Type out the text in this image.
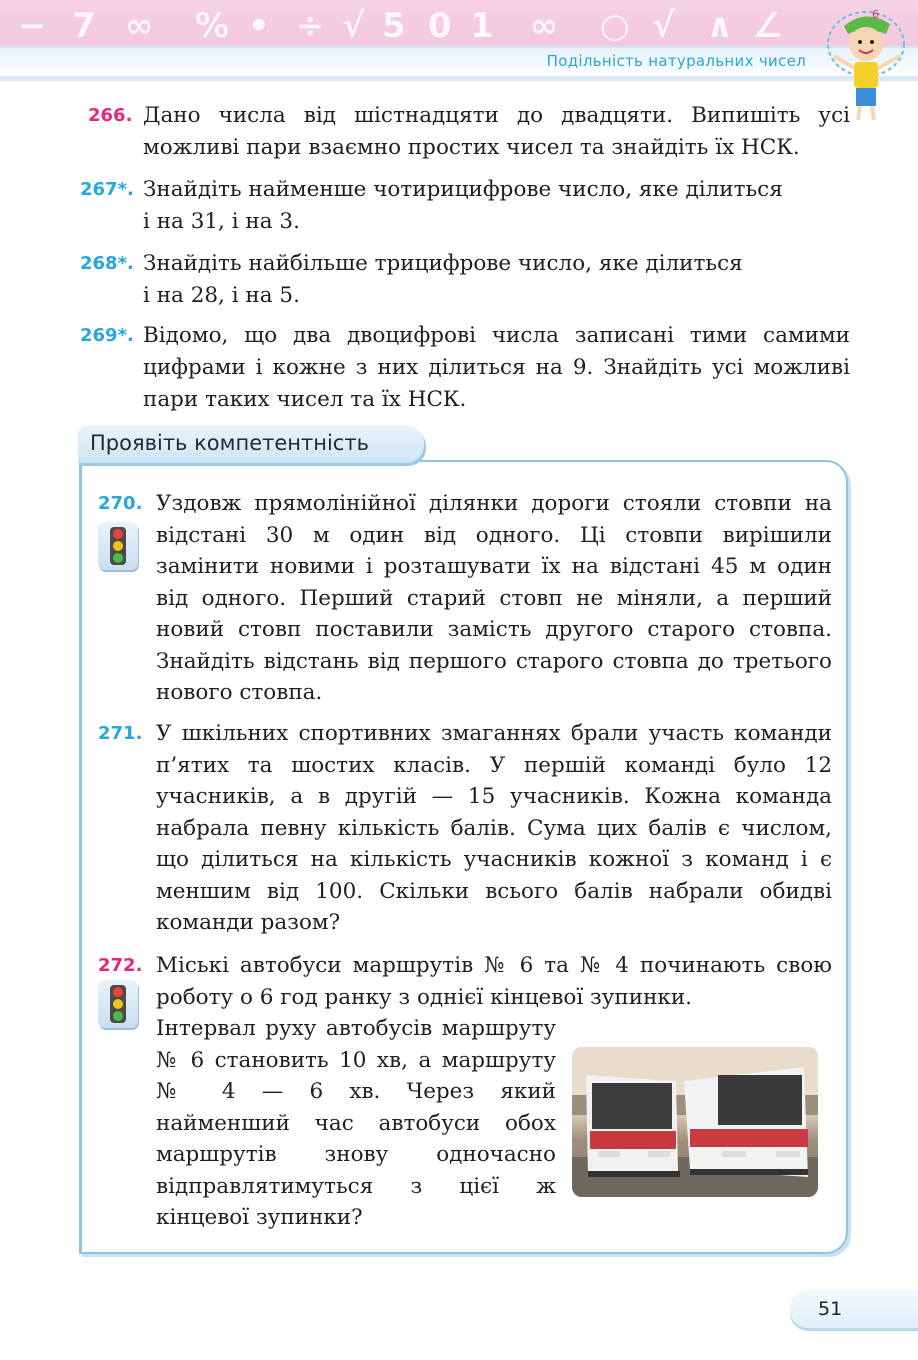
− 7 ∞ % • ÷ √ 5 0 1 ∞ ○ √ ∧ ∠
Подільність натуральних чисел
6
266. Дано числа від шістнадцяти до двадцяти. Випишіть усі можливі пари взаємно простих чисел та знайдіть їх НСК.
267*. Знайдіть найменше чотирицифрове число, яке ділиться
і на 31, і на 3.
268*. Знайдіть найбільше трицифрове число, яке ділиться
і на 28, і на 5.
269*. Відомо, що два двоцифрові числа записані тими самими цифрами і кожне з них ділиться на 9. Знайдіть усі можливі пари таких чисел та їх НСК.
Проявіть компетентність
270. Уздовж прямолінійної ділянки дороги стояли стовпи на відстані 30 м один від одного. Ці стовпи вирішили замінити новими і розташувати їх на відстані 45 м один від одного. Перший старий стовп не міняли, а перший новий стовп поставили замість другого старого стовпа. Знайдіть відстань від першого старого стовпа до третього нового стовпа.
271. У шкільних спортивних змаганнях брали участь команди п’ятих та шостих класів. У першій команді було 12 учасників, а в другій — 15 учасників. Кожна команда набрала певну кількість балів. Сума цих балів є числом, що ділиться на кількість учасників кожної з команд і є меншим від 100. Скільки всього балів набрали обидві команди разом?
272. Міські автобуси маршрутів № 6 та № 4 починають свою роботу о 6 год ранку з однієї кінцевої зупинки.
Інтервал руху автобусів маршруту № 6 становить 10 хв, а маршруту № 4 — 6 хв. Через який найменший час автобуси обох маршрутів знову одночасно відправлятимуться з цієї ж кінцевої зупинки?
51
